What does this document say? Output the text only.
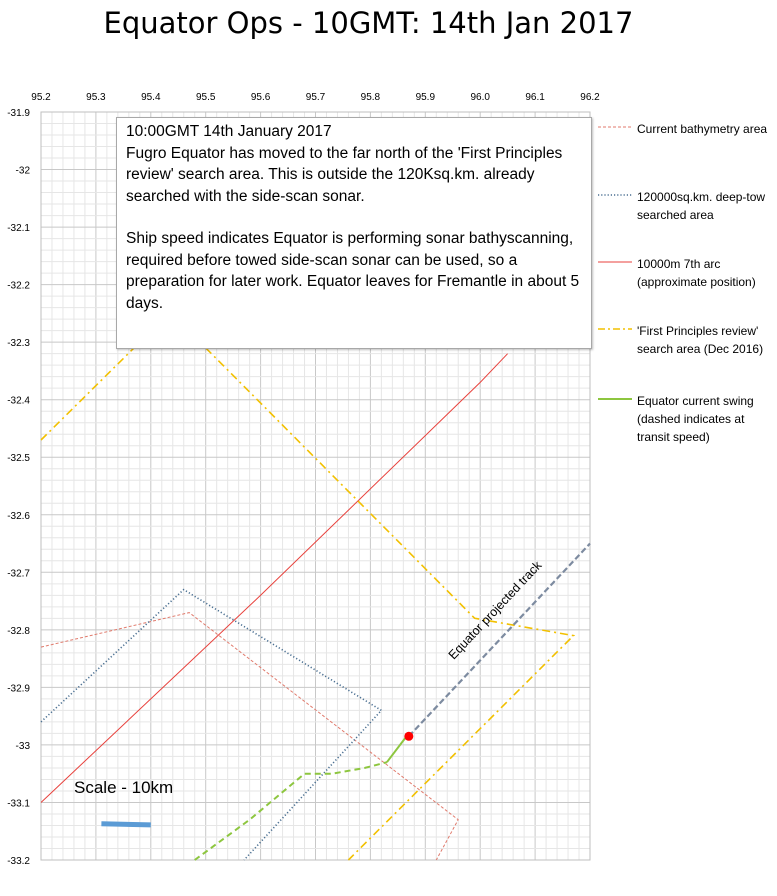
Equator Ops - 10GMT: 14th Jan 2017
95.2	95.3	95.4	95.5	95.6	95.7	95.8	95.9	96.0	96.1	96.2
-31.9
-32
-32.1
-32.2
-32.3
-32.4
-32.5
-32.6
-32.7
-32.8
-32.9
-33
-33.1
-33.2
Equator projected track

10:00GMT 14th January 2017

Fugro Equator has moved to the far north of the 'First Principles review' search area. This is outside the 120Ksq.km. already searched with the side-scan sonar.

Ship speed indicates Equator is performing sonar bathyscanning, required before towed side-scan sonar can be used, so a preparation for later work. Equator leaves for Fremantle in about 5 days.

Current bathymetry area
120000sq.km. deep-tow searched area
10000m 7th arc (approximate position)
'First Principles review' search area (Dec 2016)
Equator current swing (dashed indicates at transit speed)
Scale - 10km
